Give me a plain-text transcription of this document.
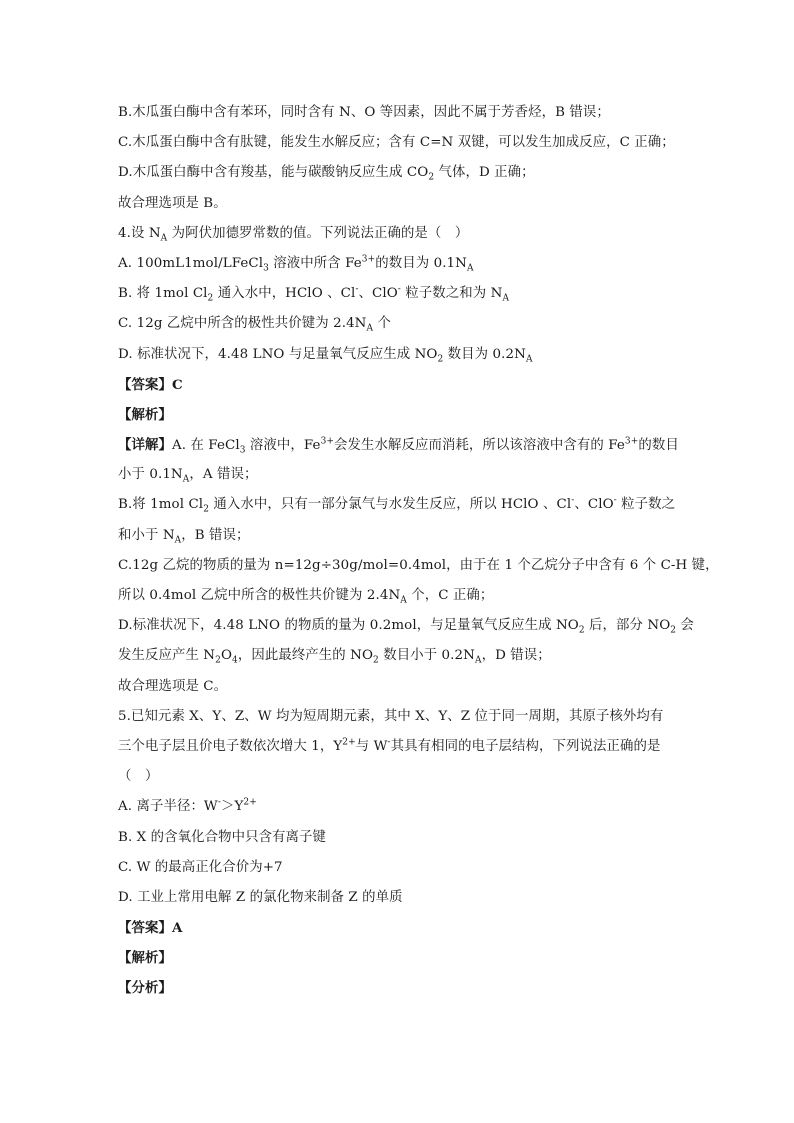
B.木瓜蛋白酶中含有苯环，同时含有 N、O 等因素，因此不属于芳香烃，B 错误；
C.木瓜蛋白酶中含有肽键，能发生水解反应；含有 C=N 双键，可以发生加成反应，C 正确；
D.木瓜蛋白酶中含有羧基，能与碳酸钠反应生成 $CO_2$ 气体，D 正确；
故合理选项是 B。
4.设 $N_A$ 为阿伏加德罗常数的值。下列说法正确的是（　）
A. 100mL1mol/LFeCl$_3$ 溶液中所含 $Fe^{3+}$的数目为 $0.1N_A$
B. 将 1mol $Cl_2$ 通入水中，HClO 、Cl-、ClO- 粒子数之和为 $N_A$
C. 12g 乙烷中所含的极性共价键为 $2.4N_A$ 个
D. 标准状况下，4.48 LNO 与足量氧气反应生成 $NO_2$ 数目为 $0.2N_A$
【答案】C
【解析】
【详解】A. 在 FeCl$_3$ 溶液中，$Fe^{3+}$会发生水解反应而消耗，所以该溶液中含有的 $Fe^{3+}$的数目
小于 $0.1N_A$，A 错误；
B.将 1mol $Cl_2$ 通入水中，只有一部分氯气与水发生反应，所以 HClO 、Cl-、ClO- 粒子数之
和小于 $N_A$，B 错误；
C.12g 乙烷的物质的量为 n=12g÷30g/mol=0.4mol，由于在 1 个乙烷分子中含有 6 个 C-H 键，
所以 0.4mol 乙烷中所含的极性共价键为 $2.4N_A$ 个，C 正确；
D.标准状况下，4.48 LNO 的物质的量为 0.2mol，与足量氧气反应生成 $NO_2$ 后，部分 $NO_2$ 会
发生反应产生 $N_2O_4$，因此最终产生的 $NO_2$ 数目小于 $0.2N_A$，D 错误；
故合理选项是 C。
5.已知元素 X、Y、Z、W 均为短周期元素，其中 X、Y、Z 位于同一周期，其原子核外均有
三个电子层且价电子数依次增大 1，$Y^{2+}$与 W-其具有相同的电子层结构，下列说法正确的是
（　）
A. 离子半径：$W^->Y^{2+}$
B. X 的含氧化合物中只含有离子键
C. W 的最高正化合价为+7
D. 工业上常用电解 Z 的氯化物来制备 Z 的单质
【答案】A
【解析】
【分析】
